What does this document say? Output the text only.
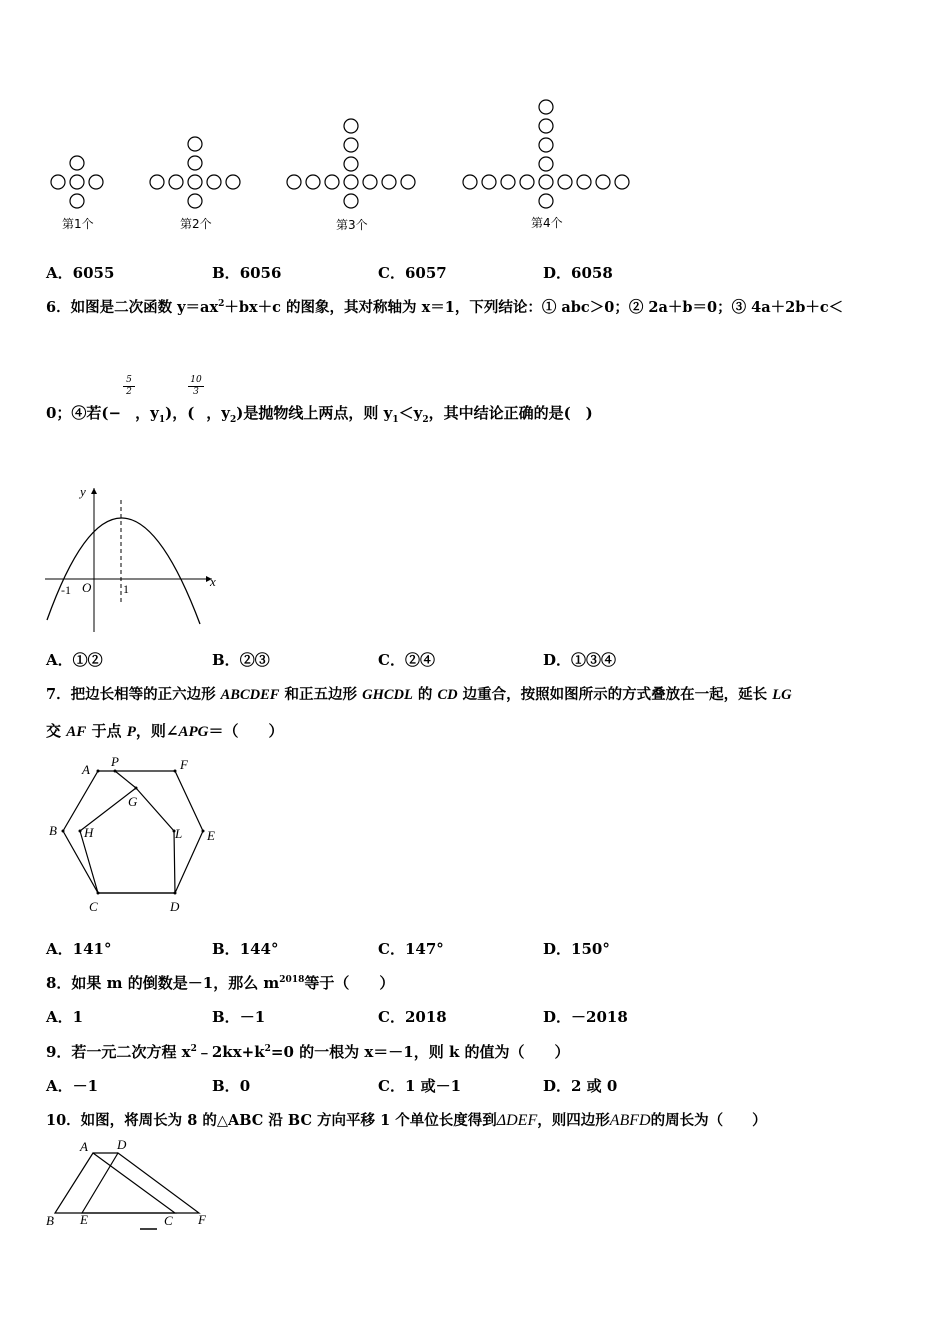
第1个	第2个	第3个	第4个
A．6055	B．6056	C．6057	D．6058
6．如图是二次函数 $y=ax^2+bx+c$ 的图象，其对称轴为 x＝1，下列结论：① abc＞0；② 2a＋b＝0；③ 4a＋2b＋c＜
5
2
10
3
0；④若(− ，$y_1$)，( ，$y_2$)是抛物线上两点，则 $y_1<y_2$，其中结论正确的是(　)
y
x
O
-1	1
A．①②	B．②③	C．②④	D．①③④
7．把边长相等的正六边形 ABCDEF 和正五边形 GHCDL 的 CD 边重合，按照如图所示的方式叠放在一起，延长 LG
交 AF 于点 P，则∠APG＝（　　）
A
P	F
G
B H	L E
C	D
A．141°	B．144°	C．147°	D．150°
8．如果 m 的倒数是－1，那么 $m^{2018}$等于（　　）
A．1	B．－1	C．2018	D．－2018
9．若一元二次方程 $x^2﹣2kx+k^2=0$ 的一根为 x＝－1，则 k 的值为（　　）
A．－1	B．0	C．1 或－1	D．2 或 0
10．如图，将周长为 8 的△ABC 沿 BC 方向平移 1 个单位长度得到ΔDEF，则四边形ABFD的周长为（　　）
A D
B E	C F
